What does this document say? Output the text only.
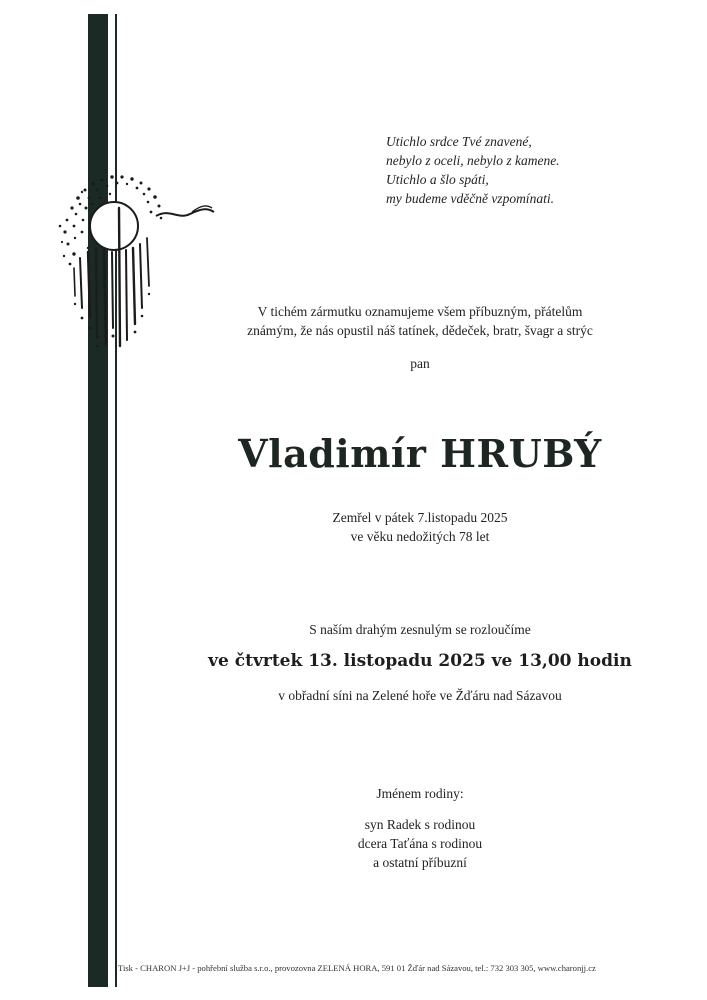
Utichlo srdce Tvé znavené,
nebylo z oceli, nebylo z kamene.
Utichlo a šlo spáti,
my budeme vděčně vzpomínati.
V tichém zármutku oznamujeme všem příbuzným, přátelům
známým, že nás opustil náš tatínek, dědeček, bratr, švagr a strýc
pan
Vladimír HRUBÝ
Zemřel v pátek 7.listopadu 2025
ve věku nedožitých 78 let
S naším drahým zesnulým se rozloučíme
ve čtvrtek 13. listopadu 2025 ve 13,00 hodin
v obřadní síni na Zelené hoře ve Žďáru nad Sázavou
Jménem rodiny:
syn Radek s rodinou
dcera Taťána s rodinou
a ostatní příbuzní
Tisk - CHARON J+J - pohřební služba s.r.o., provozovna ZELENÁ HORA, 591 01 Žďár nad Sázavou, tel.: 732 303 305, www.charonjj.cz
